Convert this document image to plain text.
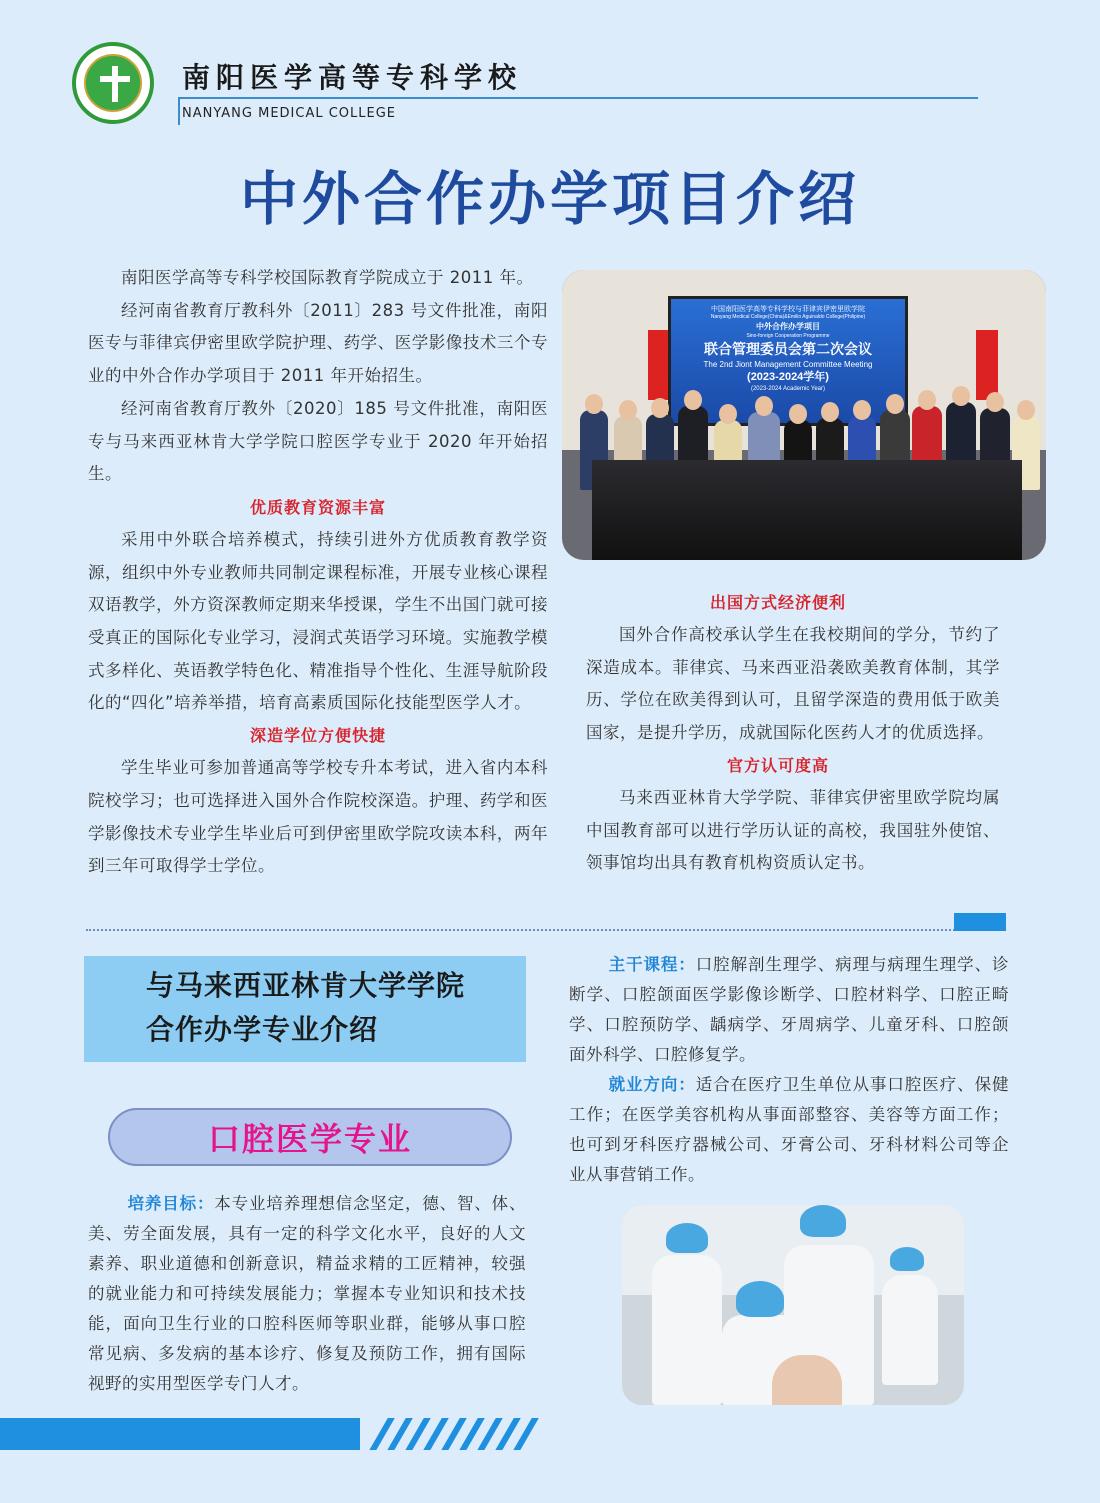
南阳医学高等专科学校
NANYANG MEDICAL COLLEGE
中外合作办学项目介绍

南阳医学高等专科学校国际教育学院成立于 2011 年。

经河南省教育厅教科外〔2011〕283 号文件批准，南阳医专与菲律宾伊密里欧学院护理、药学、医学影像技术三个专业的中外合作办学项目于 2011 年开始招生。

经河南省教育厅教外〔2020〕185 号文件批准，南阳医专与马来西亚林肯大学学院口腔医学专业于 2020 年开始招生。

优质教育资源丰富

采用中外联合培养模式，持续引进外方优质教育教学资源，组织中外专业教师共同制定课程标准，开展专业核心课程双语教学，外方资深教师定期来华授课，学生不出国门就可接受真正的国际化专业学习，浸润式英语学习环境。实施教学模式多样化、英语教学特色化、精准指导个性化、生涯导航阶段化的“四化”培养举措，培育高素质国际化技能型医学人才。

深造学位方便快捷

学生毕业可参加普通高等学校专升本考试，进入省内本科院校学习；也可选择进入国外合作院校深造。护理、药学和医学影像技术专业学生毕业后可到伊密里欧学院攻读本科，两年到三年可取得学士学位。

中国南阳医学高等专科学校与菲律宾伊密里欧学院
Nanyang Medical College(China)&Emilio Aguinaldo College(Philipine)
中外合作办学项目
Sino-foreign Cooperation Programme
联合管理委员会第二次会议
The 2nd Jiont Management Committee Meeting
(2023-2024学年)
(2023-2024 Academic Year)
出国方式经济便利

国外合作高校承认学生在我校期间的学分，节约了深造成本。菲律宾、马来西亚沿袭欧美教育体制，其学历、学位在欧美得到认可，且留学深造的费用低于欧美国家，是提升学历，成就国际化医药人才的优质选择。

官方认可度高

马来西亚林肯大学学院、菲律宾伊密里欧学院均属中国教育部可以进行学历认证的高校，我国驻外使馆、领事馆均出具有教育机构资质认定书。

与马来西亚林肯大学学院
合作办学专业介绍
口腔医学专业

培养目标：本专业培养理想信念坚定，德、智、体、美、劳全面发展，具有一定的科学文化水平，良好的人文素养、职业道德和创新意识，精益求精的工匠精神，较强的就业能力和可持续发展能力；掌握本专业知识和技术技能，面向卫生行业的口腔科医师等职业群，能够从事口腔常见病、多发病的基本诊疗、修复及预防工作，拥有国际视野的实用型医学专门人才。

主干课程：口腔解剖生理学、病理与病理生理学、诊断学、口腔颌面医学影像诊断学、口腔材料学、口腔正畸学、口腔预防学、龋病学、牙周病学、儿童牙科、口腔颌面外科学、口腔修复学。

就业方向：适合在医疗卫生单位从事口腔医疗、保健工作；在医学美容机构从事面部整容、美容等方面工作；也可到牙科医疗器械公司、牙膏公司、牙科材料公司等企业从事营销工作。
